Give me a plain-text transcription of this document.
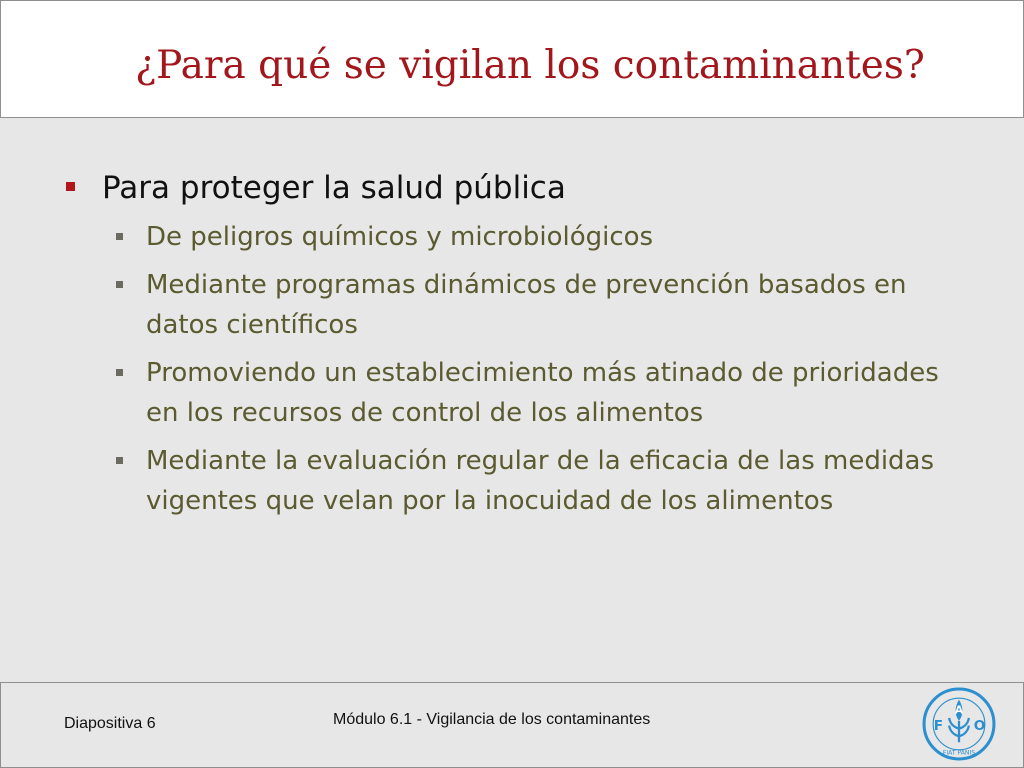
¿Para qué se vigilan los contaminantes?
Para proteger la salud pública
De peligros químicos y microbiológicos
Mediante programas dinámicos de prevención basados en datos científicos
Promoviendo un establecimiento más atinado de prioridades en los recursos de control de los alimentos
Mediante la evaluación regular de la eficacia de las medidas vigentes que velan por la inocuidad de los alimentos
Diapositiva 6	Módulo 6.1 - Vigilancia de los contaminantes	F
A
O
FIAT PANIS
